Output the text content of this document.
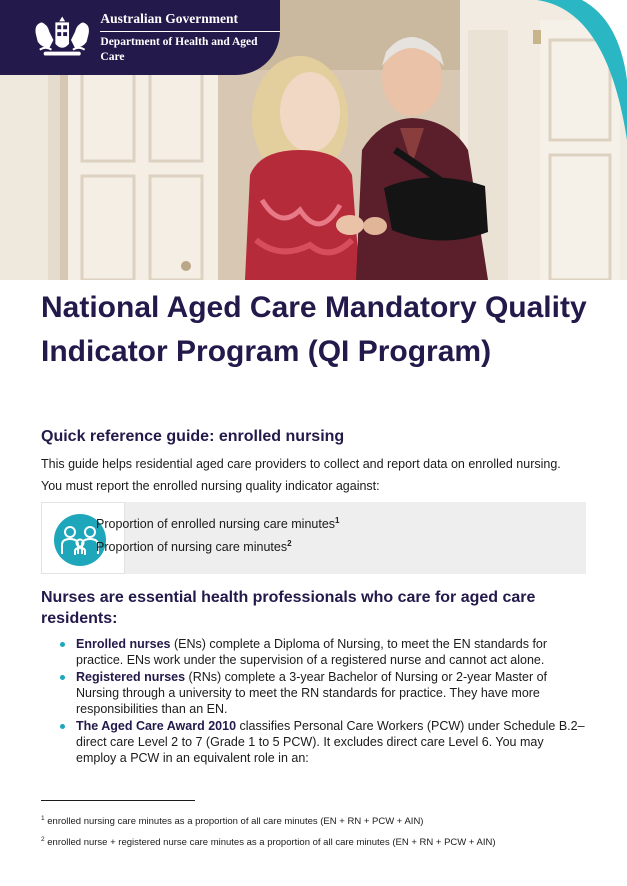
Australian Government
Department of Health and Aged Care
National Aged Care Mandatory Quality Indicator Program (QI Program)
Quick reference guide: enrolled nursing

This guide helps residential aged care providers to collect and report data on enrolled nursing.

You must report the enrolled nursing quality indicator against:

Proportion of enrolled nursing care minutes$^1$
Proportion of nursing care minutes$^2$
Nurses are essential health professionals who care for aged care residents:
Enrolled nurses (ENs) complete a Diploma of Nursing, to meet the EN standards for practice. ENs work under the supervision of a registered nurse and cannot act alone.
Registered nurses (RNs) complete a 3-year Bachelor of Nursing or 2-year Master of Nursing through a university to meet the RN standards for practice. They have more responsibilities than an EN.
The Aged Care Award 2010 classifies Personal Care Workers (PCW) under Schedule B.2– direct care Level 2 to 7 (Grade 1 to 5 PCW). It excludes direct care Level 6. You may employ a PCW in an equivalent role in an:
$^1$ enrolled nursing care minutes as a proportion of all care minutes (EN + RN + PCW + AIN)
$^2$ enrolled nurse + registered nurse care minutes as a proportion of all care minutes (EN + RN + PCW + AIN)
